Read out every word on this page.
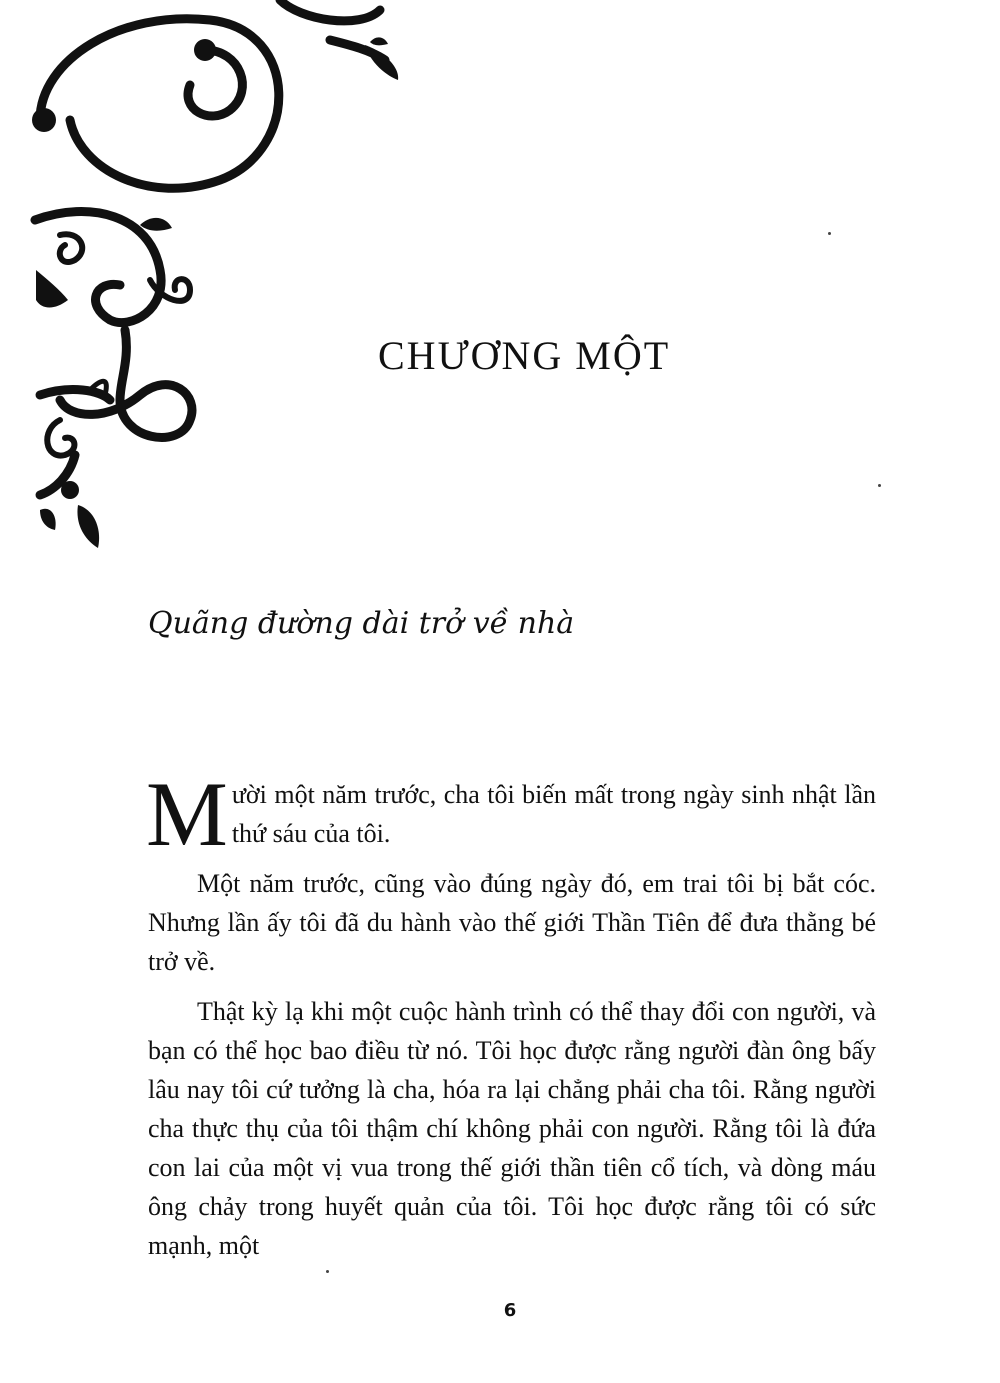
CHƯƠNG MỘT
Quãng đường dài trở về nhà

Mười một năm trước, cha tôi biến mất trong ngày sinh nhật lần thứ sáu của tôi.

Một năm trước, cũng vào đúng ngày đó, em trai tôi bị bắt cóc. Nhưng lần ấy tôi đã du hành vào thế giới Thần Tiên để đưa thằng bé trở về.

Thật kỳ lạ khi một cuộc hành trình có thể thay đổi con người, và bạn có thể học bao điều từ nó. Tôi học được rằng người đàn ông bấy lâu nay tôi cứ tưởng là cha, hóa ra lại chẳng phải cha tôi. Rằng người cha thực thụ của tôi thậm chí không phải con người. Rằng tôi là đứa con lai của một vị vua trong thế giới thần tiên cổ tích, và dòng máu ông chảy trong huyết quản của tôi. Tôi học được rằng tôi có sức mạnh, một

6
